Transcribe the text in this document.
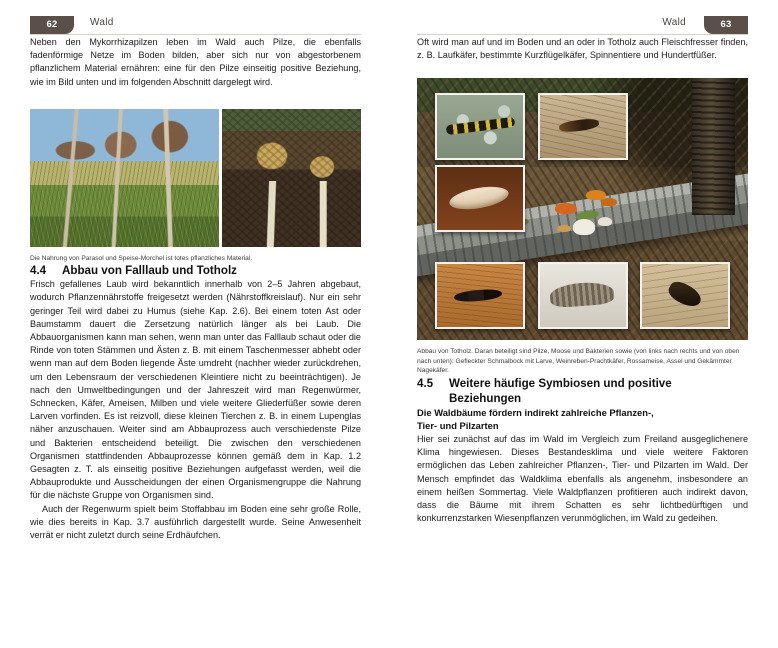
62	Wald

Neben den Mykorrhizapilzen leben im Wald auch Pilze, die ebenfalls fadenförmige Netze im Boden bilden, aber sich nur von abgestorbenem pflanzlichem Material ernähren: eine für den Pilze einseitig positive Beziehung, wie im Bild unten und im folgenden Abschnitt dargelegt wird.

Die Nahrung von Parasol und Speise-Morchel ist totes pflanzliches Material.
4.4	Abbau von Falllaub und Totholz

Frisch gefallenes Laub wird bekanntlich innerhalb von 2–5 Jahren abgebaut, wodurch Pflanzennährstoffe freigesetzt werden (Nährstoffkreislauf). Nur ein sehr geringer Teil wird dabei zu Humus (siehe Kap. 2.6). Bei einem toten Ast oder Baumstamm dauert die Zersetzung natürlich länger als bei Laub. Die Abbauorganismen kann man sehen, wenn man unter das Falllaub schaut oder die Rinde von toten Stämmen und Ästen z. B. mit einem Taschenmesser abhebt oder wenn man auf dem Boden liegende Äste umdreht (nachher wieder zurückdrehen, um den Lebensraum der verschiedenen Kleintiere nicht zu beeinträchtigen). Je nach den Umweltbedingungen und der Jahreszeit wird man Regenwürmer, Schnecken, Käfer, Ameisen, Milben und viele weitere Gliederfüßer sowie deren Larven vorfinden. Es ist reizvoll, diese kleinen Tierchen z. B. in einem Lupenglas näher anzuschauen. Weiter sind am Abbauprozess auch verschiedenste Pilze und Bakterien entscheidend beteiligt. Die zwischen den verschiedenen Organismen stattfindenden Abbauprozesse können gemäß dem in Kap. 1.2 Gesagten z. T. als einseitig positive Beziehungen aufgefasst werden, weil die Abbauprodukte und Ausscheidungen der einen Organismengruppe die Nahrung für die nächste Gruppe von Organismen sind.

Auch der Regenwurm spielt beim Stoffabbau im Boden eine sehr große Rolle, wie dies bereits in Kap. 3.7 ausführlich dargestellt wurde. Seine Anwesenheit verrät er nicht zuletzt durch seine Erdhäufchen.

63
Wald

Oft wird man auf und im Boden und an oder in Totholz auch Fleischfresser finden, z. B. Laufkäfer, bestimmte Kurzflügelkäfer, Spinnentiere und Hundertfüßer.

Abbau von Totholz. Daran beteiligt sind Pilze, Moose und Bakterien sowie (von links nach rechts und von oben nach unten): Gefleckter Schmalbock mit Larve, Weinreben-Prachtkäfer, Rossameise, Assel und Gekämmter Nagekäfer.
4.5	Weitere häufige Symbiosen und positive
Beziehungen
Die Waldbäume fördern indirekt zahlreiche Pflanzen-,
Tier- und Pilzarten

Hier sei zunächst auf das im Wald im Vergleich zum Freiland ausgeglichenere Klima hingewiesen. Dieses Bestandesklima und viele weitere Faktoren ermöglichen das Leben zahlreicher Pflanzen-, Tier- und Pilzarten im Wald. Der Mensch empfindet das Waldklima ebenfalls als angenehm, insbesondere an einem heißen Sommertag. Viele Waldpflanzen profitieren auch indirekt davon, dass die Bäume mit ihrem Schatten es sehr lichtbedürftigen und konkurrenzstarken Wiesenpflanzen verunmöglichen, im Wald zu gedeihen.
